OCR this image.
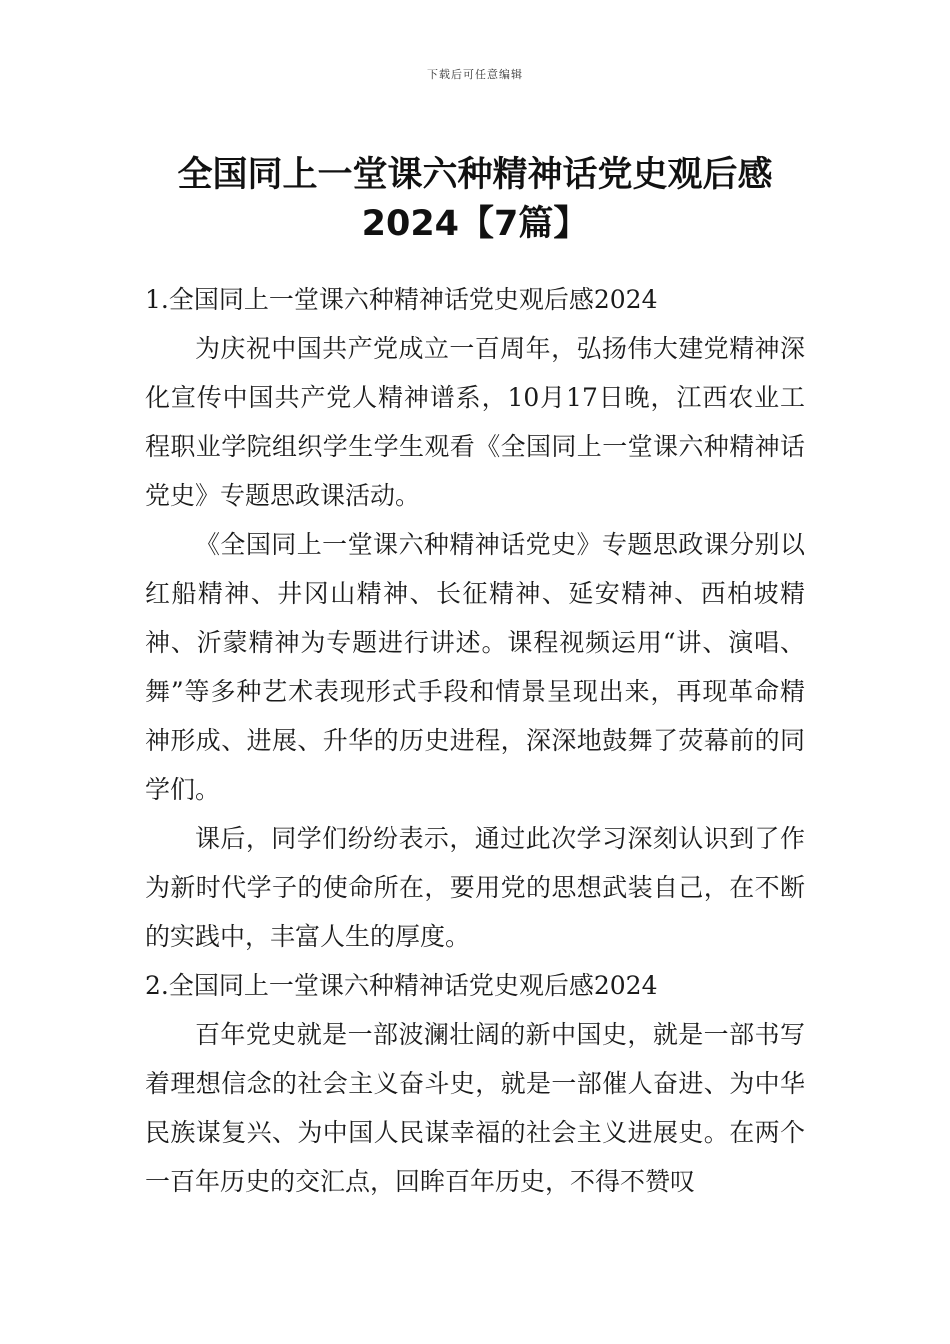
下载后可任意编辑
全国同上一堂课六种精神话党史观后感
2024【7篇】

1.全国同上一堂课六种精神话党史观后感2024

为庆祝中国共产党成立一百周年，弘扬伟大建党精神深化宣传中国共产党人精神谱系，10月17日晚，江西农业工程职业学院组织学生学生观看《全国同上一堂课六种精神话党史》专题思政课活动。

《全国同上一堂课六种精神话党史》专题思政课分别以红船精神、井冈山精神、长征精神、延安精神、西柏坡精神、沂蒙精神为专题进行讲述。课程视频运用“讲、演唱、舞”等多种艺术表现形式手段和情景呈现出来，再现革命精神形成、进展、升华的历史进程，深深地鼓舞了荧幕前的同学们。

课后，同学们纷纷表示，通过此次学习深刻认识到了作为新时代学子的使命所在，要用党的思想武装自己，在不断的实践中，丰富人生的厚度。

2.全国同上一堂课六种精神话党史观后感2024

百年党史就是一部波澜壮阔的新中国史，就是一部书写着理想信念的社会主义奋斗史，就是一部催人奋进、为中华民族谋复兴、为中国人民谋幸福的社会主义进展史。在两个一百年历史的交汇点，回眸百年历史，不得不赞叹
